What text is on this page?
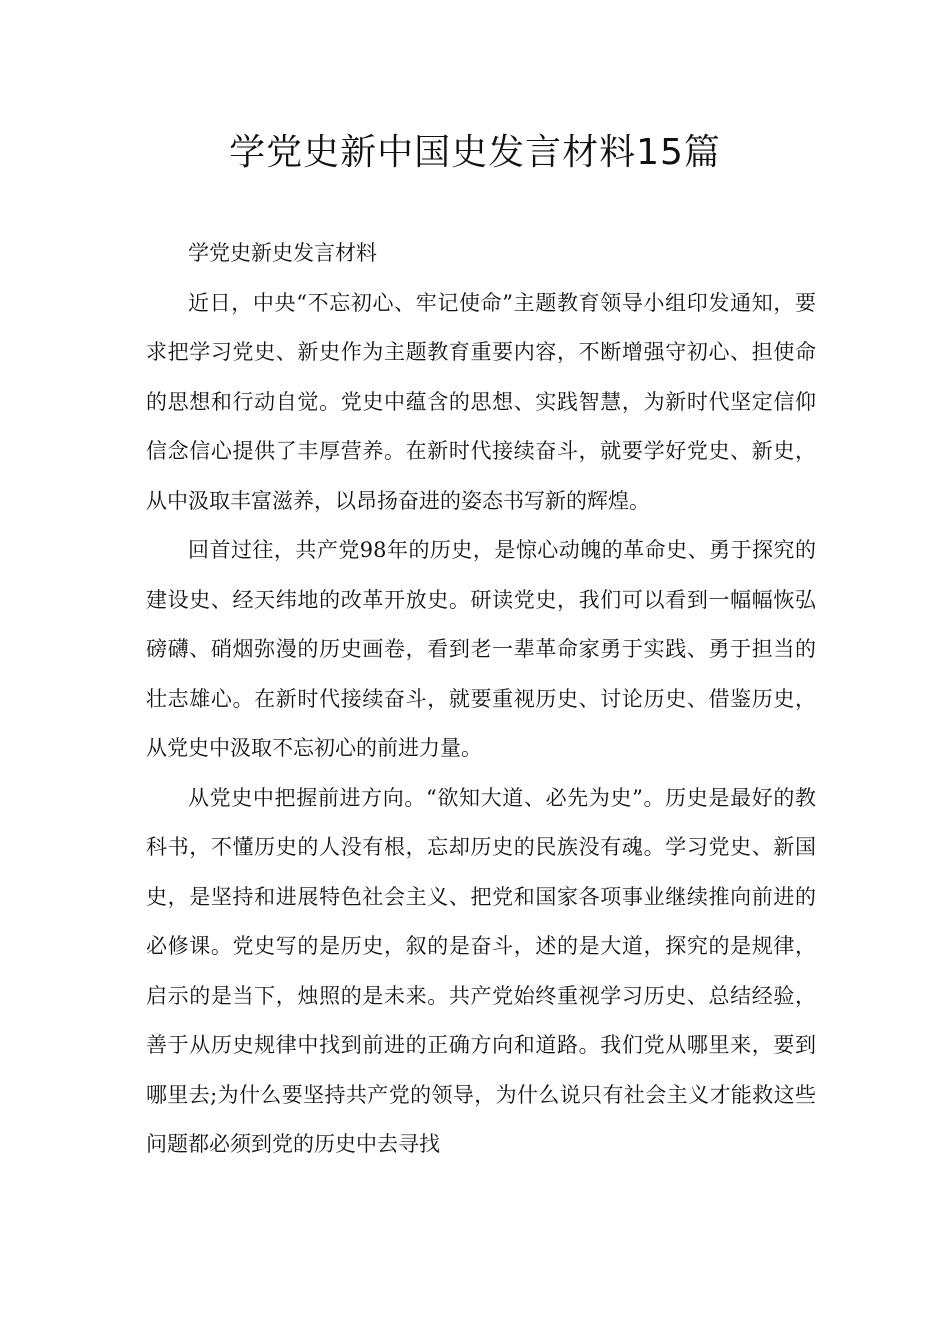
学党史新中国史发言材料15篇

学党史新史发言材料

近日，中央“不忘初心、牢记使命”主题教育领导小组印发通知，要求把学习党史、新史作为主题教育重要内容，不断增强守初心、担使命的思想和行动自觉。党史中蕴含的思想、实践智慧，为新时代坚定信仰信念信心提供了丰厚营养。在新时代接续奋斗，就要学好党史、新史，从中汲取丰富滋养，以昂扬奋进的姿态书写新的辉煌。

回首过往，共产党98年的历史，是惊心动魄的革命史、勇于探究的建设史、经天纬地的改革开放史。研读党史，我们可以看到一幅幅恢弘磅礴、硝烟弥漫的历史画卷，看到老一辈革命家勇于实践、勇于担当的壮志雄心。在新时代接续奋斗，就要重视历史、讨论历史、借鉴历史，从党史中汲取不忘初心的前进力量。

从党史中把握前进方向。“欲知大道、必先为史”。历史是最好的教科书，不懂历史的人没有根，忘却历史的民族没有魂。学习党史、新国史，是坚持和进展特色社会主义、把党和国家各项事业继续推向前进的必修课。党史写的是历史，叙的是奋斗，述的是大道，探究的是规律，启示的是当下，烛照的是未来。共产党始终重视学习历史、总结经验，善于从历史规律中找到前进的正确方向和道路。我们党从哪里来，要到哪里去;为什么要坚持共产党的领导，为什么说只有社会主义才能救这些问题都必须到党的历史中去寻找
